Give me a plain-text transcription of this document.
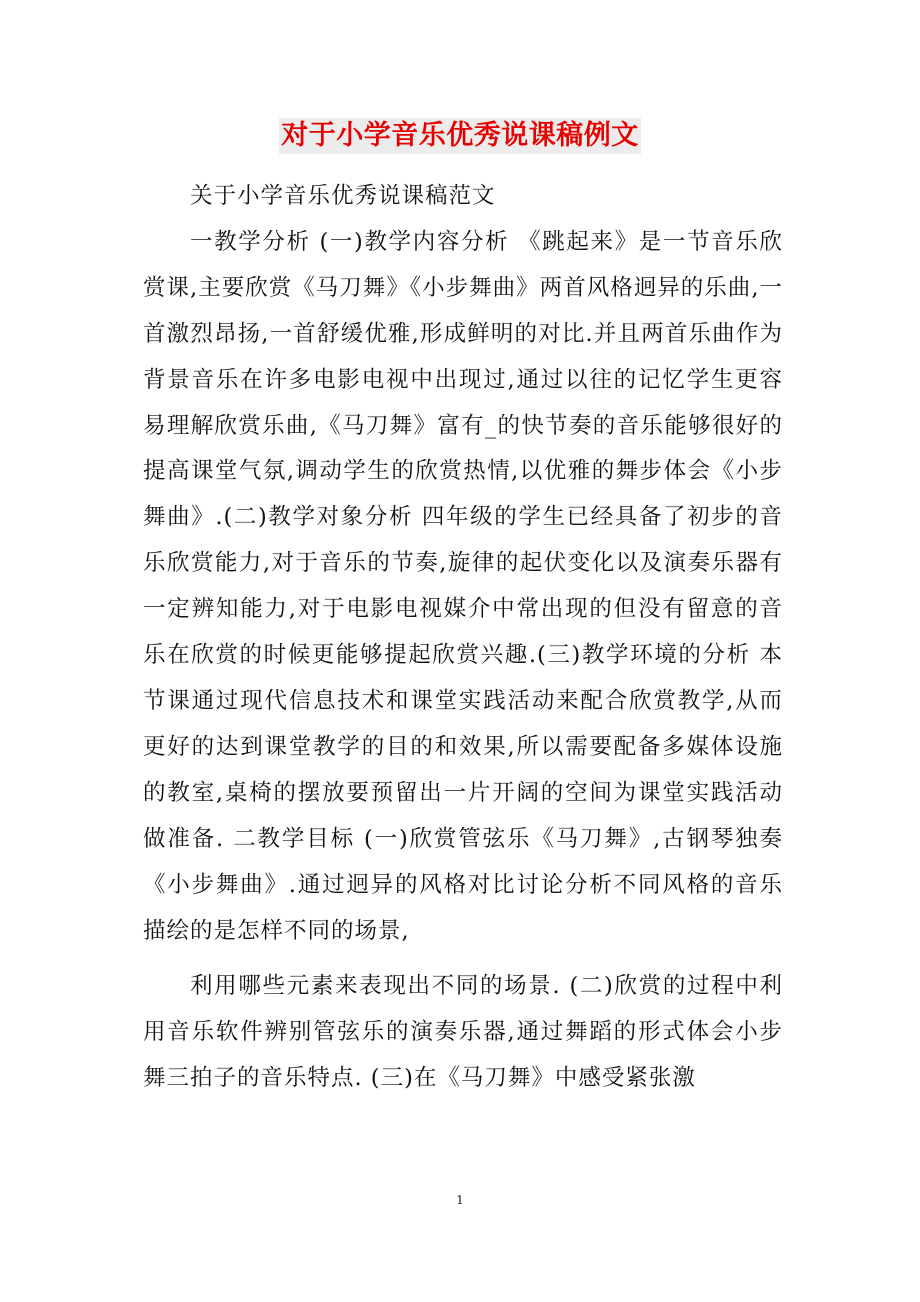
对于小学音乐优秀说课稿例文

关于小学音乐优秀说课稿范文

一教学分析 (一)教学内容分析 《跳起来》是一节音乐欣赏课,主要欣赏《马刀舞》《小步舞曲》两首风格迥异的乐曲,一首激烈昂扬,一首舒缓优雅,形成鲜明的对比.并且两首乐曲作为背景音乐在许多电影电视中出现过,通过以往的记忆学生更容易理解欣赏乐曲,《马刀舞》富有_的快节奏的音乐能够很好的提高课堂气氛,调动学生的欣赏热情,以优雅的舞步体会《小步舞曲》.(二)教学对象分析 四年级的学生已经具备了初步的音乐欣赏能力,对于音乐的节奏,旋律的起伏变化以及演奏乐器有一定辨知能力,对于电影电视媒介中常出现的但没有留意的音乐在欣赏的时候更能够提起欣赏兴趣.(三)教学环境的分析 本节课通过现代信息技术和课堂实践活动来配合欣赏教学,从而更好的达到课堂教学的目的和效果,所以需要配备多媒体设施的教室,桌椅的摆放要预留出一片开阔的空间为课堂实践活动做准备. 二教学目标 (一)欣赏管弦乐《马刀舞》,古钢琴独奏《小步舞曲》.通过迥异的风格对比讨论分析不同风格的音乐描绘的是怎样不同的场景,

利用哪些元素来表现出不同的场景. (二)欣赏的过程中利用音乐软件辨别管弦乐的演奏乐器,通过舞蹈的形式体会小步舞三拍子的音乐特点. (三)在《马刀舞》中感受紧张激

1
